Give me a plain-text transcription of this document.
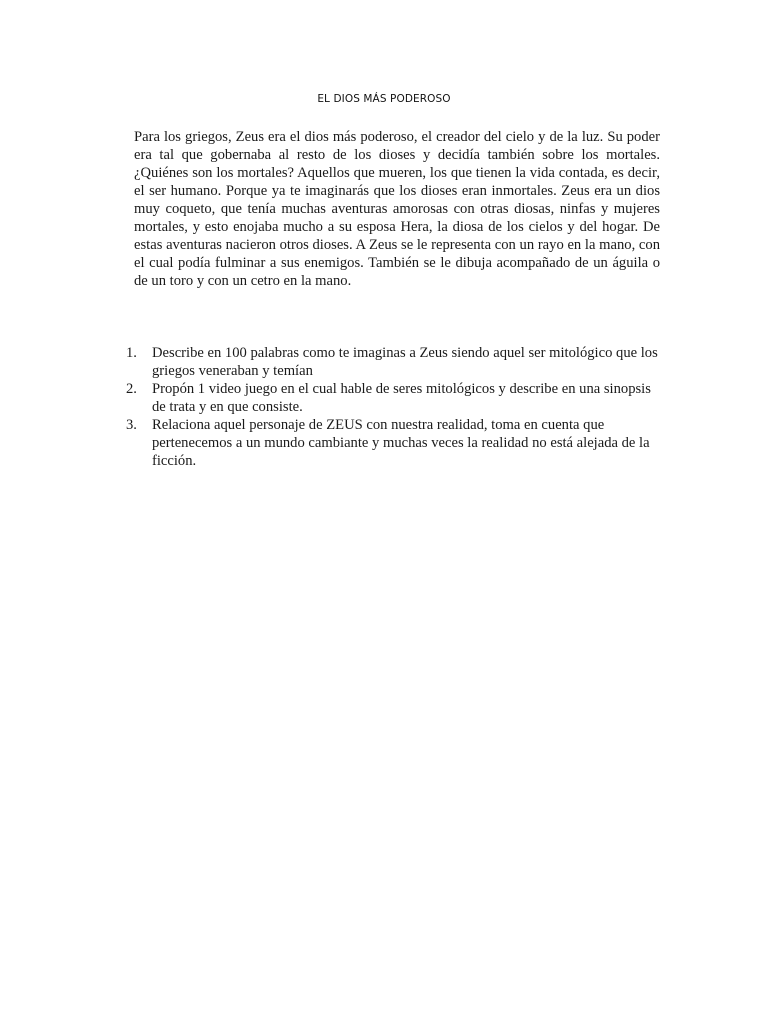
EL DIOS MÁS PODEROSO

Para los griegos, Zeus era el dios más poderoso, el creador del cielo y de la luz. Su poder era tal que gobernaba al resto de los dioses y decidía también sobre los mortales. ¿Quiénes son los mortales? Aquellos que mueren, los que tienen la vida contada, es decir, el ser humano. Porque ya te imaginarás que los dioses eran inmortales. Zeus era un dios muy coqueto, que tenía muchas aventuras amorosas con otras diosas, ninfas y mujeres mortales, y esto enojaba mucho a su esposa Hera, la diosa de los cielos y del hogar. De estas aventuras nacieron otros dioses. A Zeus se le representa con un rayo en la mano, con el cual podía fulminar a sus enemigos. También se le dibuja acompañado de un águila o de un toro y con un cetro en la mano.

1. Describe en 100 palabras como te imaginas a Zeus siendo aquel ser mitológico que los griegos veneraban y temían
2. Propón 1 video juego en el cual hable de seres mitológicos y describe en una sinopsis de trata y en que consiste.
3. Relaciona aquel personaje de ZEUS con nuestra realidad, toma en cuenta que pertenecemos a un mundo cambiante y muchas veces la realidad no está alejada de la ficción.
